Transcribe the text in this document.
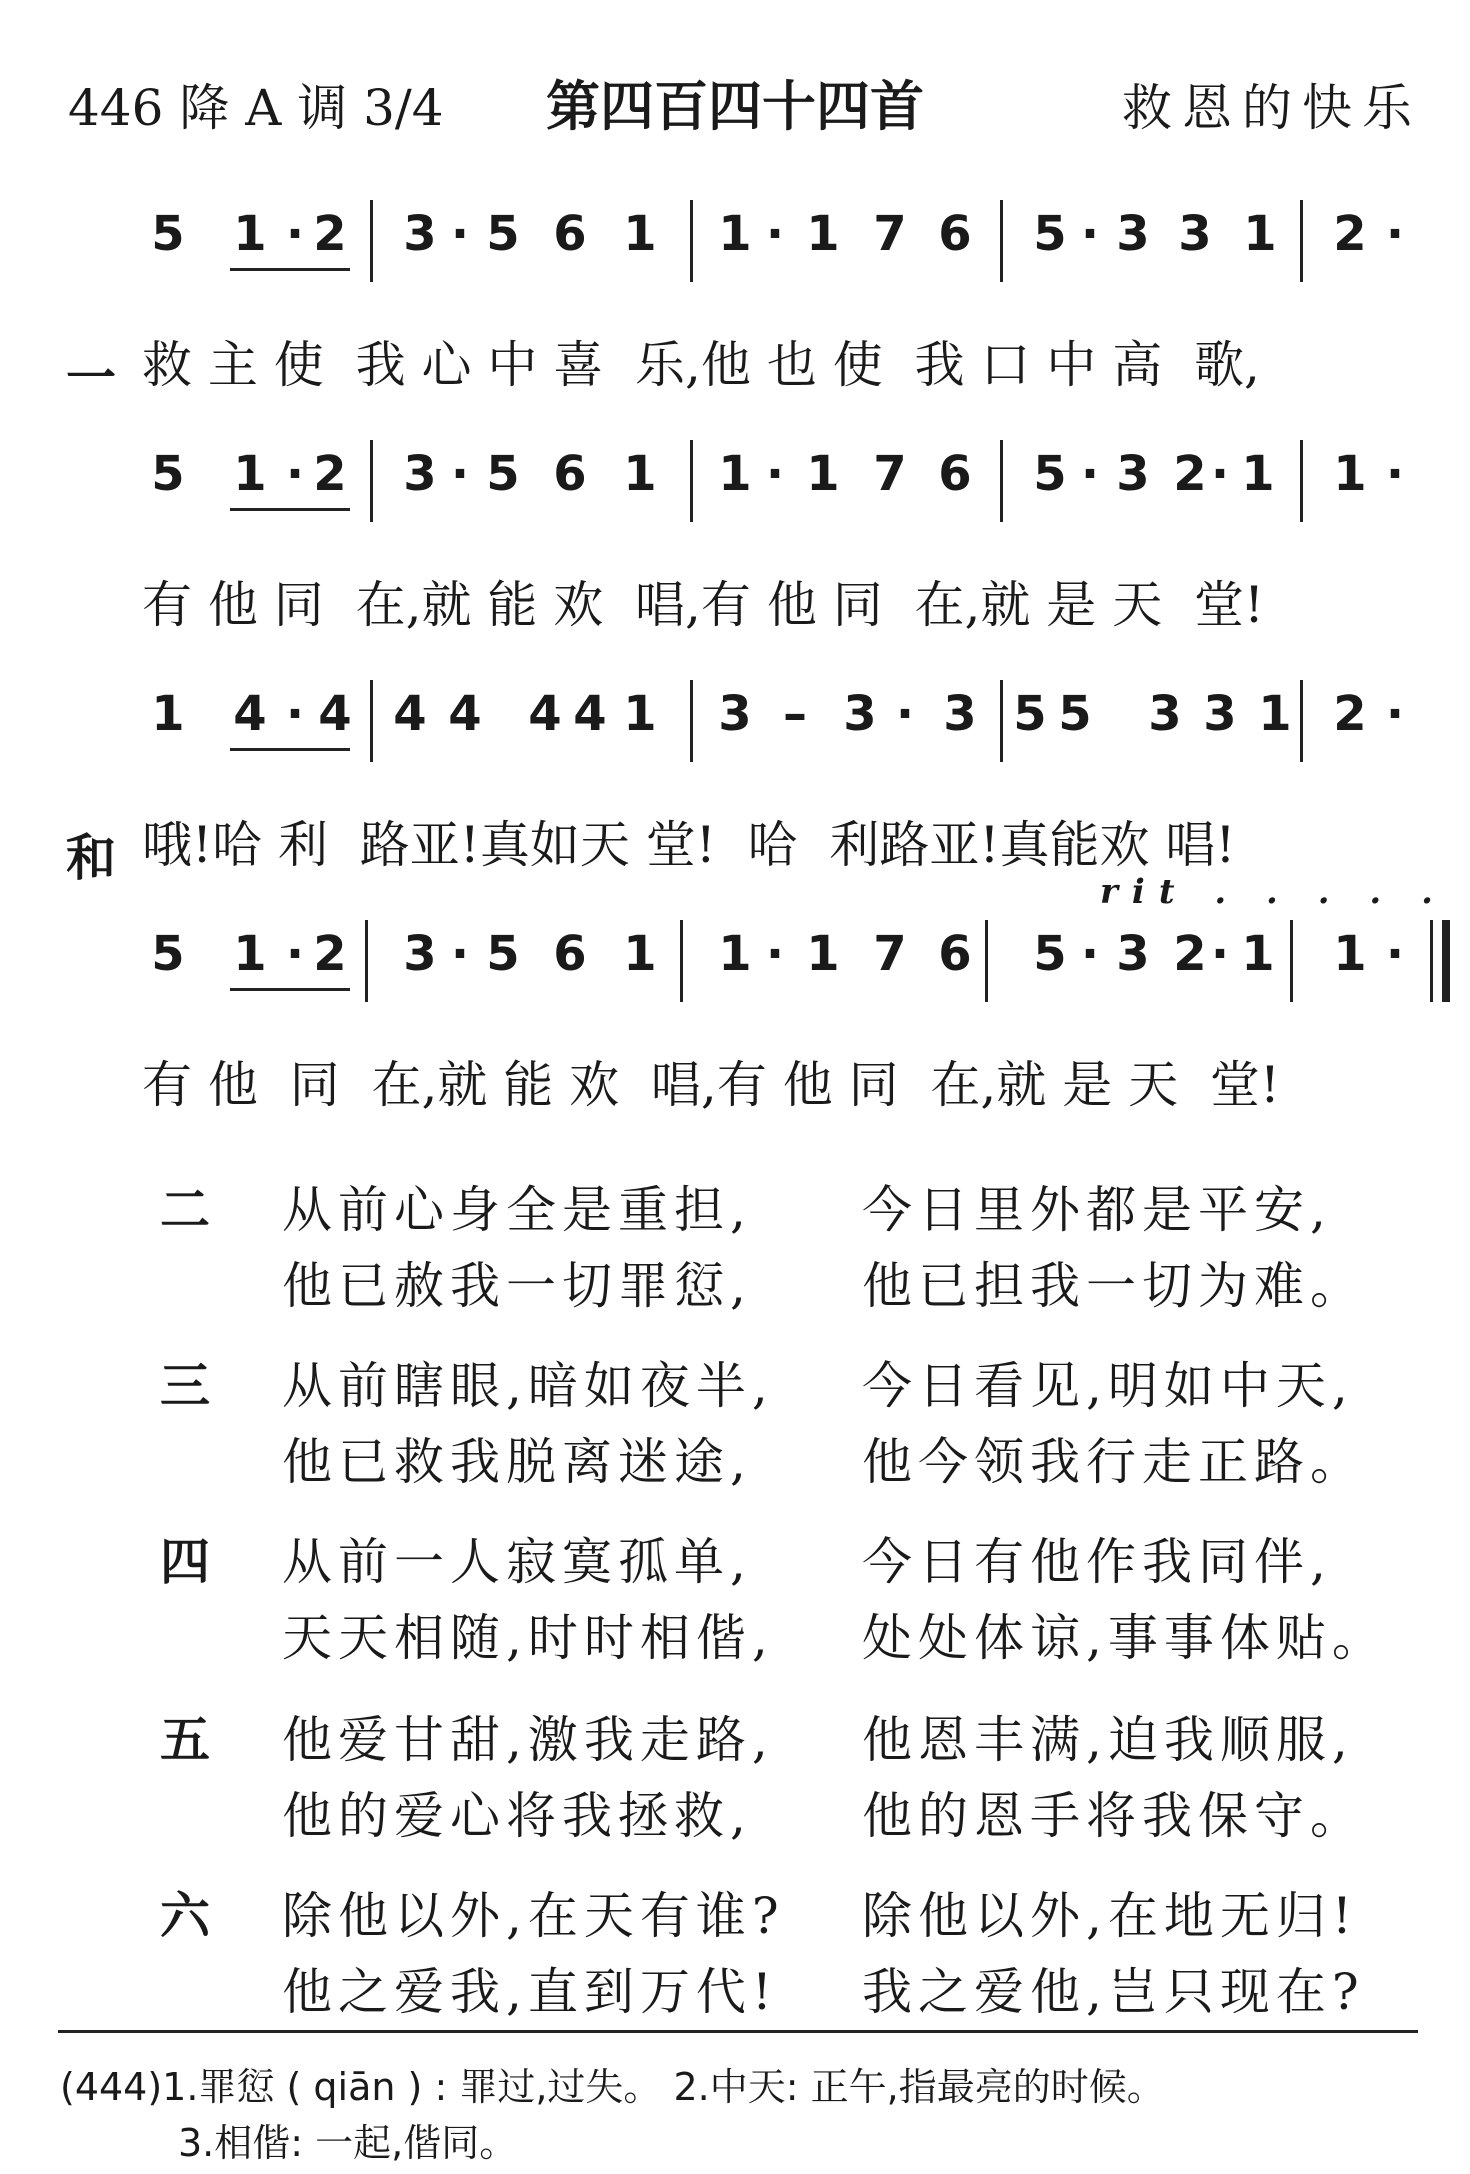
446 降 A 调 3/4	第四百四十四首	救恩的快乐
5 1 · 2 3 · 5 6 1 1 · 1 7 6 5 · 3 3 1 2 ·
一 救 主 使  我 心 中 喜  乐,他 也 使  我 口 中 高  歌,
5 1 · 2 3 · 5 6 1 1 · 1 7 6 5 · 3 2 · 1 1 ·
有 他 同  在,就 能 欢  唱,有 他 同  在,就 是 天  堂!
1 4 · 4 4 4 4 4 1 3 – 3 · 3 5 5 3 3 1 2 ·
和 哦!哈 利  路亚!真如天 堂!  哈  利路亚!真能欢 唱!
5 1 · 2 3 · 5 6 1 1 · 1 7 6 5 · 3 2 · 1 1 ·
有 他  同  在,就 能 欢  唱,有 他 同  在,就 是 天  堂!
rit . . . . .
二 从前心身全是重担, 今日里外都是平安,
他已赦我一切罪愆, 他已担我一切为难。
三 从前瞎眼,暗如夜半, 今日看见,明如中天,
他已救我脱离迷途, 他今领我行走正路。
四 从前一人寂寞孤单, 今日有他作我同伴,
天天相随,时时相偕, 处处体谅,事事体贴。
五 他爱甘甜,激我走路, 他恩丰满,迫我顺服,
他的爱心将我拯救, 他的恩手将我保守。
六 除他以外,在天有谁? 除他以外,在地无归!
他之爱我,直到万代! 我之爱他,岂只现在?
(444)1.罪愆 ( qiān ) : 罪过,过失。 2.中天: 正午,指最亮的时候。
3.相偕: 一起,偕同。
